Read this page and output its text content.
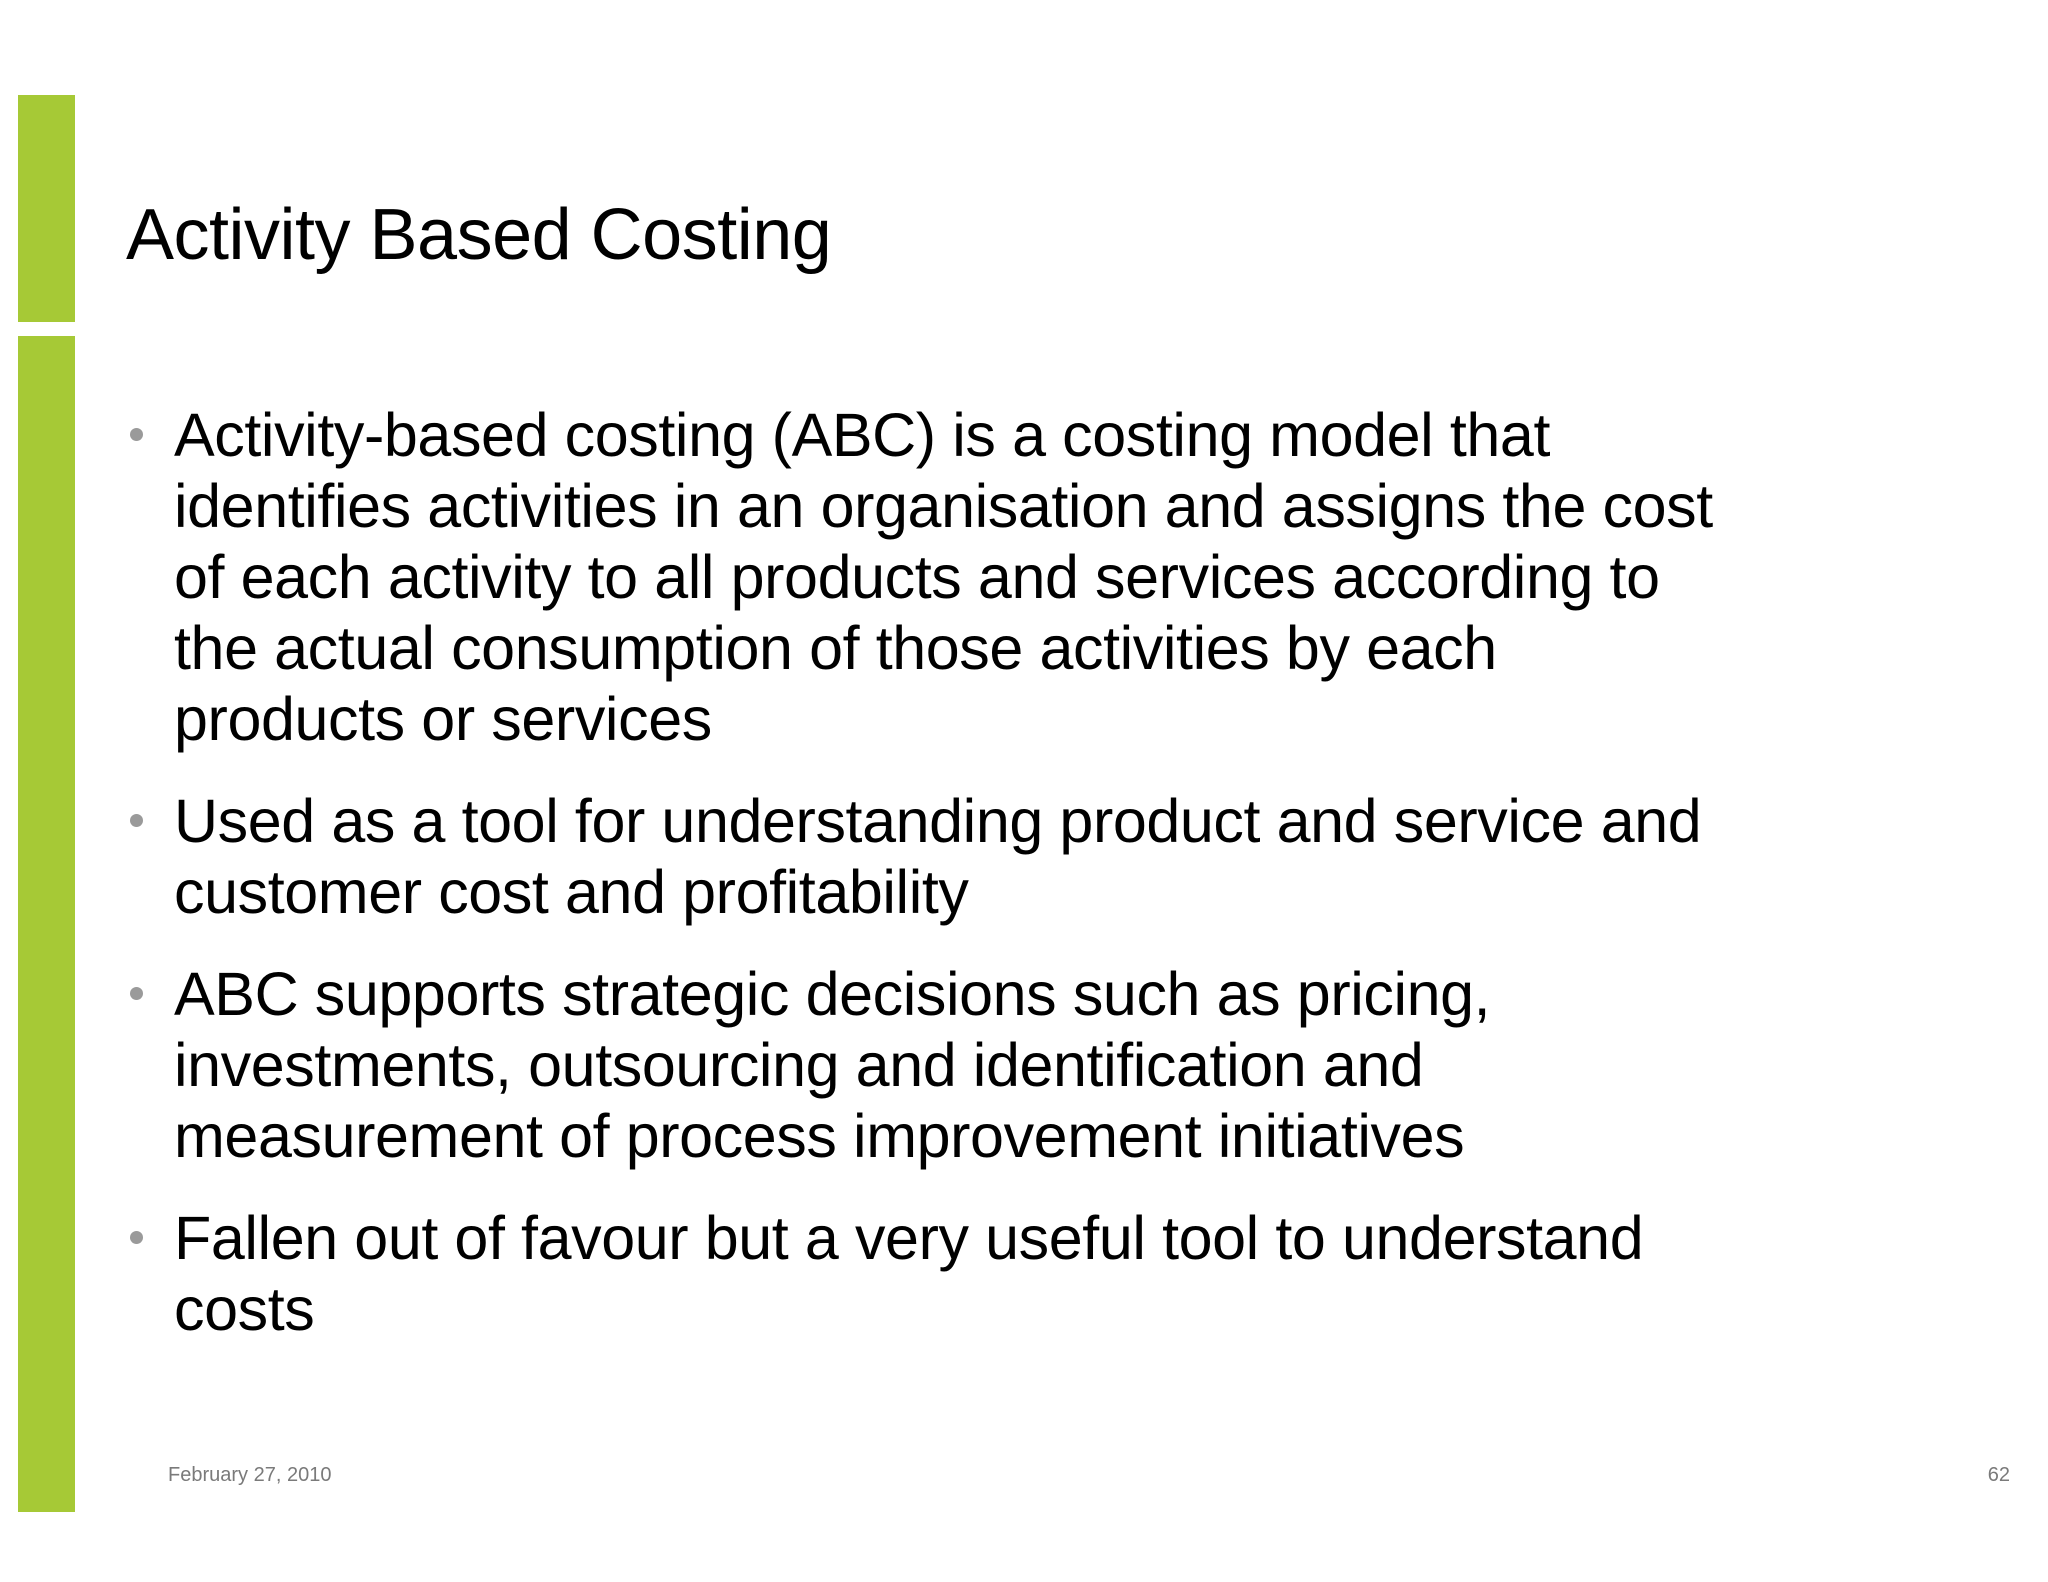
Activity Based Costing
Activity-based costing (ABC) is a costing model that
identifies activities in an organisation and assigns the cost
of each activity to all products and services according to
the actual consumption of those activities by each
products or services
Used as a tool for understanding product and service and
customer cost and profitability
ABC supports strategic decisions such as pricing,
investments, outsourcing and identification and
measurement of process improvement initiatives
Fallen out of favour but a very useful tool to understand
costs
February 27, 2010	62
